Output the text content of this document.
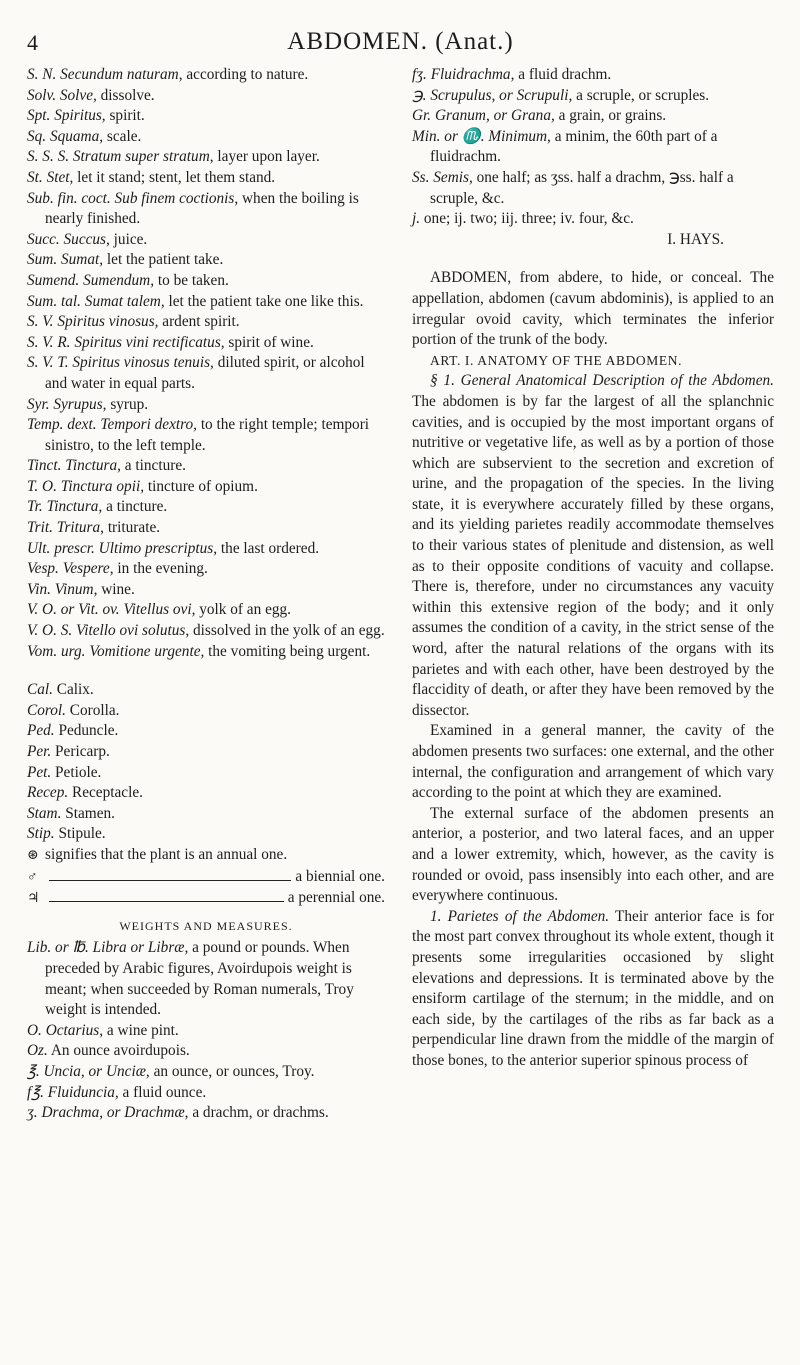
4	ABDOMEN. (Anat.)
S. N. Secundum naturam, according to nature.
Solv. Solve, dissolve.
Spt. Spiritus, spirit.
Sq. Squama, scale.
S. S. S. Stratum super stratum, layer upon layer.
St. Stet, let it stand; stent, let them stand.
Sub. fin. coct. Sub finem coctionis, when the boiling is nearly finished.
Succ. Succus, juice.
Sum. Sumat, let the patient take.
Sumend. Sumendum, to be taken.
Sum. tal. Sumat talem, let the patient take one like this.
S. V. Spiritus vinosus, ardent spirit.
S. V. R. Spiritus vini rectificatus, spirit of wine.
S. V. T. Spiritus vinosus tenuis, diluted spirit, or alcohol and water in equal parts.
Syr. Syrupus, syrup.
Temp. dext. Tempori dextro, to the right temple; tempori sinistro, to the left temple.
Tinct. Tinctura, a tincture.
T. O. Tinctura opii, tincture of opium.
Tr. Tinctura, a tincture.
Trit. Tritura, triturate.
Ult. prescr. Ultimo prescriptus, the last ordered.
Vesp. Vespere, in the evening.
Vin. Vinum, wine.
V. O. or Vit. ov. Vitellus ovi, yolk of an egg.
V. O. S. Vitello ovi solutus, dissolved in the yolk of an egg.
Vom. urg. Vomitione urgente, the vomiting being urgent.
Cal. Calix.
Corol. Corolla.
Ped. Peduncle.
Per. Pericarp.
Pet. Petiole.
Recep. Receptacle.
Stam. Stamen.
Stip. Stipule.
⊛ signifies that the plant is an annual one.
♂	a biennial one.
♃	a perennial one.
WEIGHTS AND MEASURES.
Lib. or ℔. Libra or Libræ, a pound or pounds. When preceded by Arabic figures, Avoirdupois weight is meant; when succeeded by Roman numerals, Troy weight is intended.
O. Octarius, a wine pint.
Oz. An ounce avoirdupois.
℥. Uncia, or Unciæ, an ounce, or ounces, Troy.
f℥. Fluiduncia, a fluid ounce.
ʒ. Drachma, or Drachmæ, a drachm, or drachms.
fʒ. Fluidrachma, a fluid drachm.
℈. Scrupulus, or Scrupuli, a scruple, or scruples.
Gr. Granum, or Grana, a grain, or grains.
Min. or ♏. Minimum, a minim, the 60th part of a fluidrachm.
Ss. Semis, one half; as ʒss. half a drachm, ℈ss. half a scruple, &c.
j. one; ij. two; iij. three; iv. four, &c.
I. HAYS.
ABDOMEN, from abdere, to hide, or conceal. The appellation, abdomen (cavum abdominis), is applied to an irregular ovoid cavity, which terminates the inferior portion of the trunk of the body.
ART. I. ANATOMY OF THE ABDOMEN.
§ 1. General Anatomical Description of the Abdomen. The abdomen is by far the largest of all the splanchnic cavities, and is occupied by the most important organs of nutritive or vegetative life, as well as by a portion of those which are subservient to the secretion and excretion of urine, and the propagation of the species. In the living state, it is everywhere accurately filled by these organs, and its yielding parietes readily accommodate themselves to their various states of plenitude and distension, as well as to their opposite conditions of vacuity and collapse. There is, therefore, under no circumstances any vacuity within this extensive region of the body; and it only assumes the condition of a cavity, in the strict sense of the word, after the natural relations of the organs with its parietes and with each other, have been destroyed by the flaccidity of death, or after they have been removed by the dissector.
Examined in a general manner, the cavity of the abdomen presents two surfaces: one external, and the other internal, the configuration and arrangement of which vary according to the point at which they are examined.
The external surface of the abdomen presents an anterior, a posterior, and two lateral faces, and an upper and a lower extremity, which, however, as the cavity is rounded or ovoid, pass insensibly into each other, and are everywhere continuous.
1. Parietes of the Abdomen. Their anterior face is for the most part convex throughout its whole extent, though it presents some irregularities occasioned by slight elevations and depressions. It is terminated above by the ensiform cartilage of the sternum; in the middle, and on each side, by the cartilages of the ribs as far back as a perpendicular line drawn from the middle of the margin of those bones, to the anterior superior spinous process of
